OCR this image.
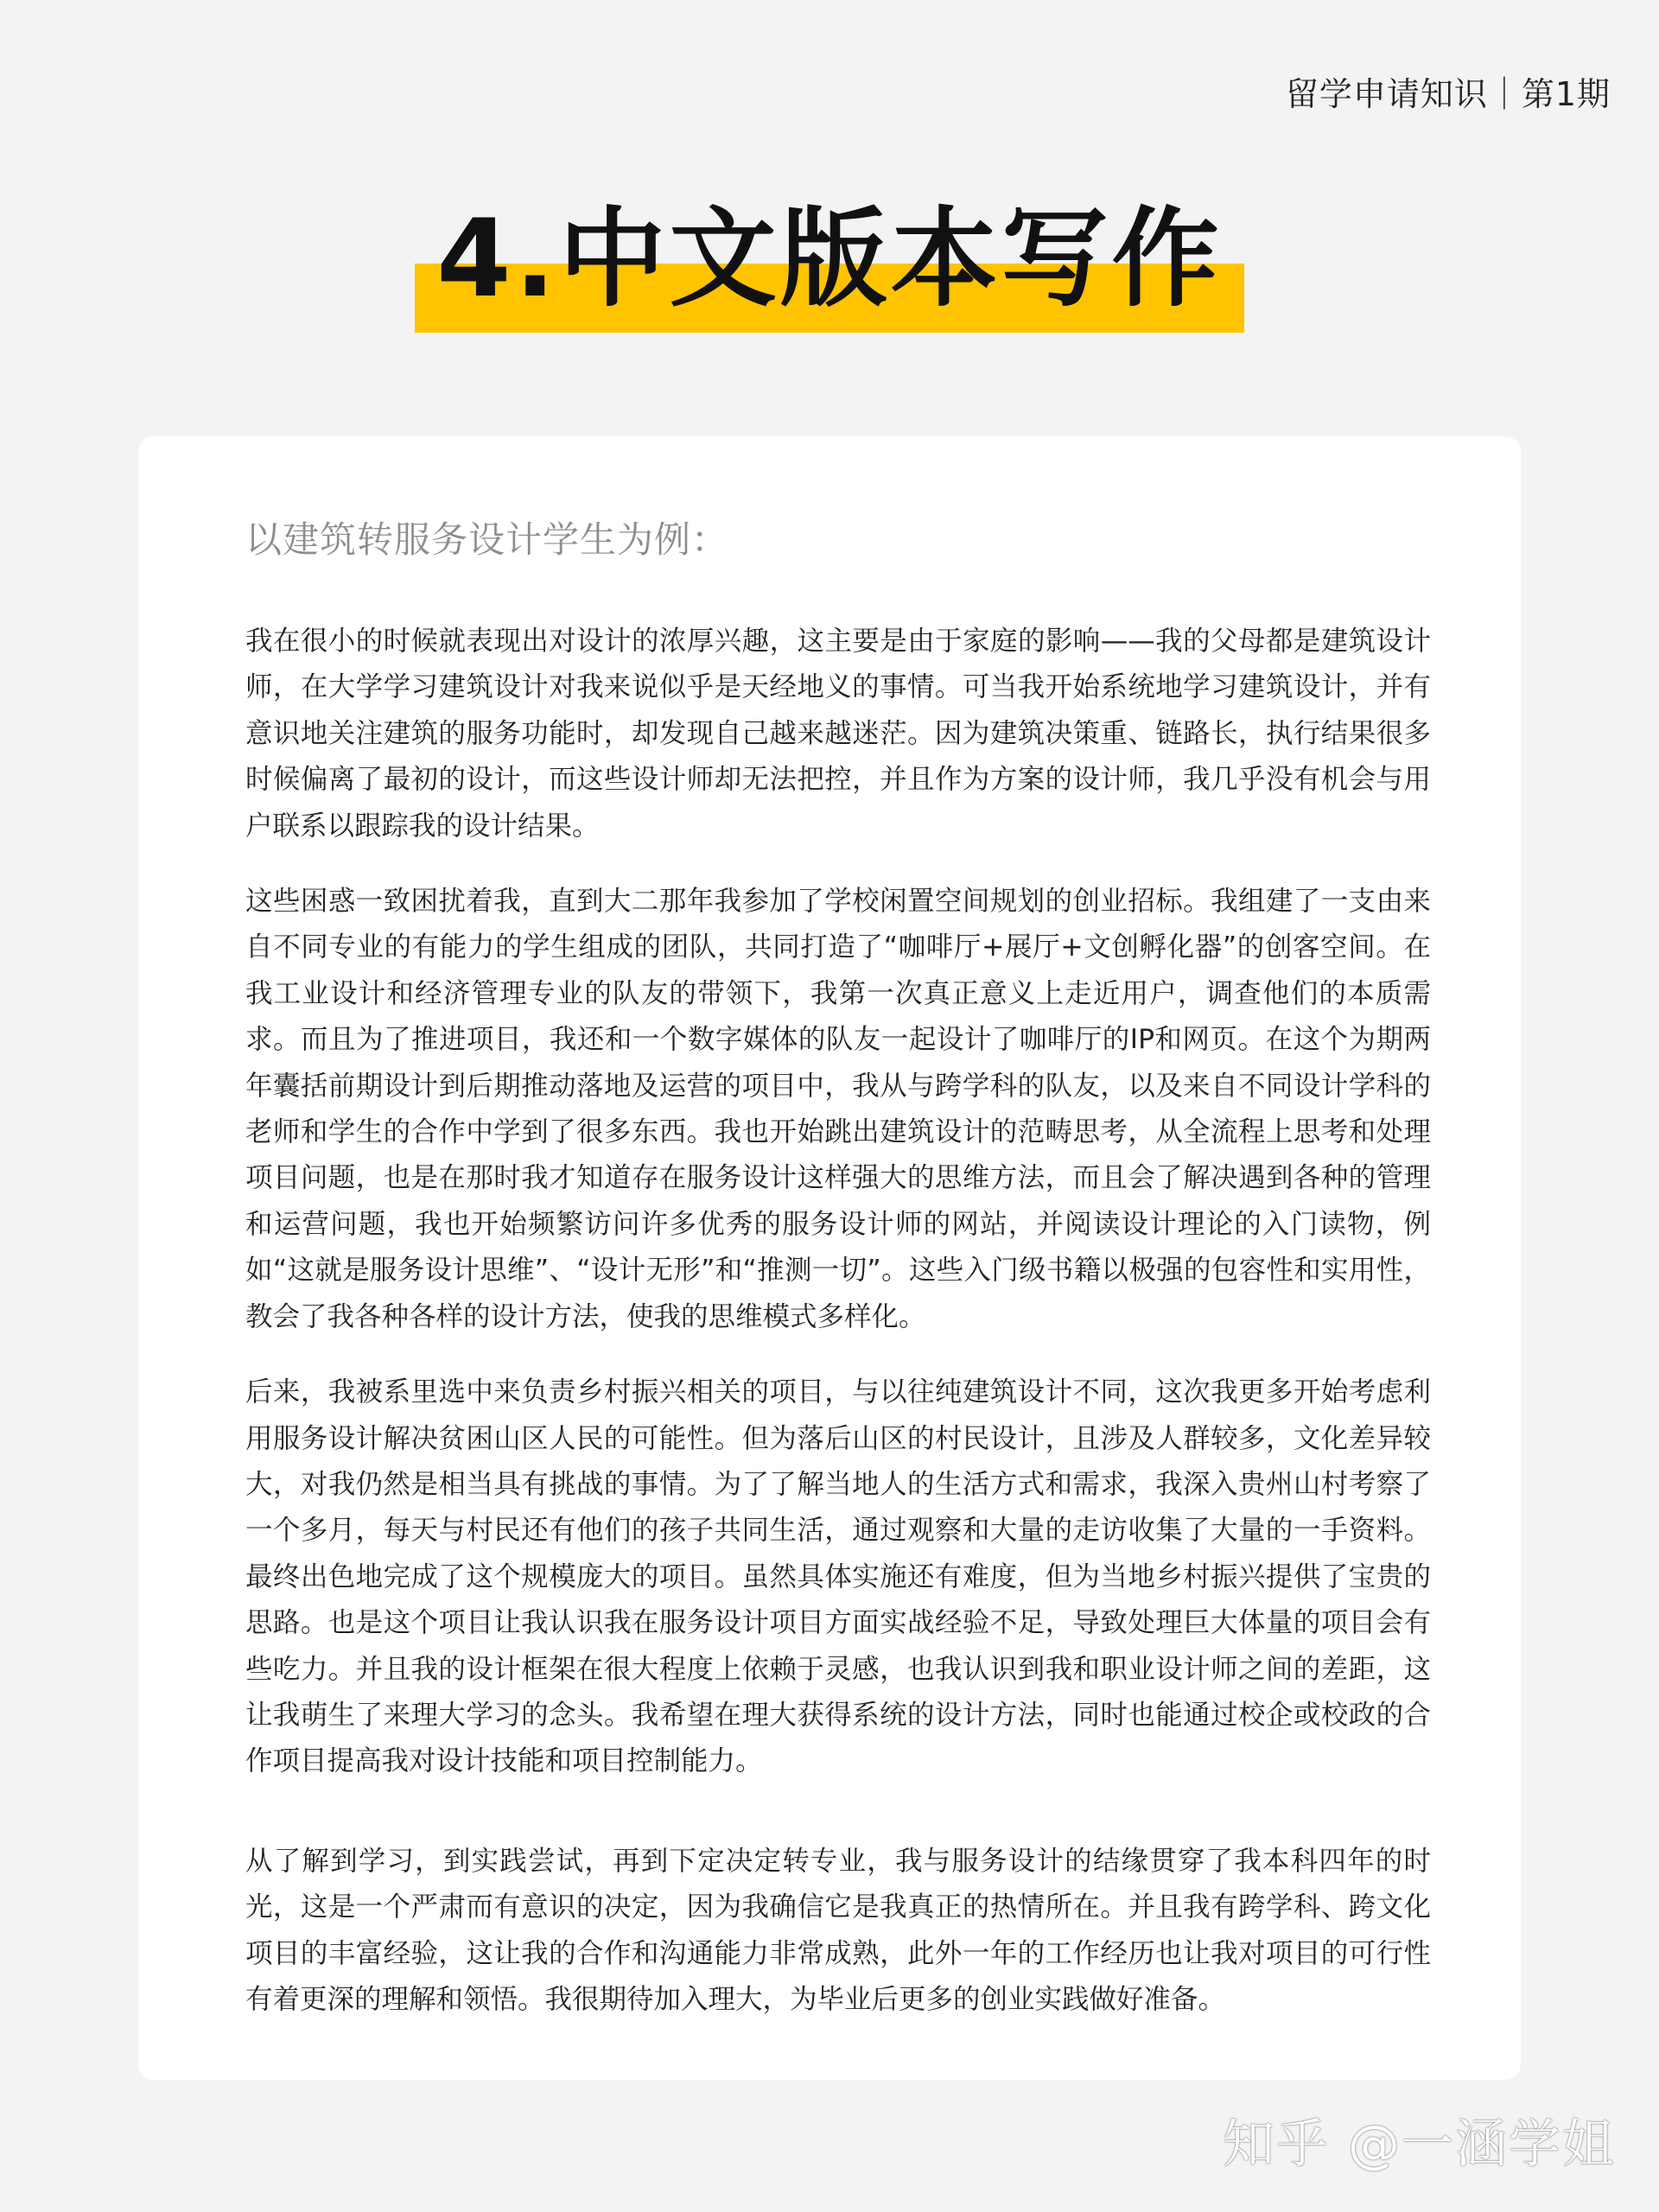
留学申请知识｜第1期
4.中文版本写作

以建筑转服务设计学生为例：

我在很小的时候就表现出对设计的浓厚兴趣，这主要是由于家庭的影响——我的父母都是建筑设计师，在大学学习建筑设计对我来说似乎是天经地义的事情。可当我开始系统地学习建筑设计，并有意识地关注建筑的服务功能时，却发现自己越来越迷茫。因为建筑决策重、链路长，执行结果很多时候偏离了最初的设计，而这些设计师却无法把控，并且作为方案的设计师，我几乎没有机会与用户联系以跟踪我的设计结果。

这些困惑一致困扰着我，直到大二那年我参加了学校闲置空间规划的创业招标。我组建了一支由来自不同专业的有能力的学生组成的团队，共同打造了“咖啡厅+展厅+文创孵化器”的创客空间。在我工业设计和经济管理专业的队友的带领下，我第一次真正意义上走近用户，调查他们的本质需求。而且为了推进项目，我还和一个数字媒体的队友一起设计了咖啡厅的IP和网页。在这个为期两年囊括前期设计到后期推动落地及运营的项目中，我从与跨学科的队友，以及来自不同设计学科的老师和学生的合作中学到了很多东西。我也开始跳出建筑设计的范畴思考，从全流程上思考和处理项目问题，也是在那时我才知道存在服务设计这样强大的思维方法，而且会了解决遇到各种的管理和运营问题，我也开始频繁访问许多优秀的服务设计师的网站，并阅读设计理论的入门读物，例如“这就是服务设计思维”、“设计无形”和“推测一切”。这些入门级书籍以极强的包容性和实用性，教会了我各种各样的设计方法，使我的思维模式多样化。

后来，我被系里选中来负责乡村振兴相关的项目，与以往纯建筑设计不同，这次我更多开始考虑利用服务设计解决贫困山区人民的可能性。但为落后山区的村民设计，且涉及人群较多，文化差异较大，对我仍然是相当具有挑战的事情。为了了解当地人的生活方式和需求，我深入贵州山村考察了一个多月，每天与村民还有他们的孩子共同生活，通过观察和大量的走访收集了大量的一手资料。最终出色地完成了这个规模庞大的项目。虽然具体实施还有难度，但为当地乡村振兴提供了宝贵的思路。也是这个项目让我认识我在服务设计项目方面实战经验不足，导致处理巨大体量的项目会有些吃力。并且我的设计框架在很大程度上依赖于灵感，也我认识到我和职业设计师之间的差距，这让我萌生了来理大学习的念头。我希望在理大获得系统的设计方法，同时也能通过校企或校政的合作项目提高我对设计技能和项目控制能力。

从了解到学习，到实践尝试，再到下定决定转专业，我与服务设计的结缘贯穿了我本科四年的时光，这是一个严肃而有意识的决定，因为我确信它是我真正的热情所在。并且我有跨学科、跨文化项目的丰富经验，这让我的合作和沟通能力非常成熟，此外一年的工作经历也让我对项目的可行性有着更深的理解和领悟。我很期待加入理大，为毕业后更多的创业实践做好准备。

知乎 @一涵学姐
